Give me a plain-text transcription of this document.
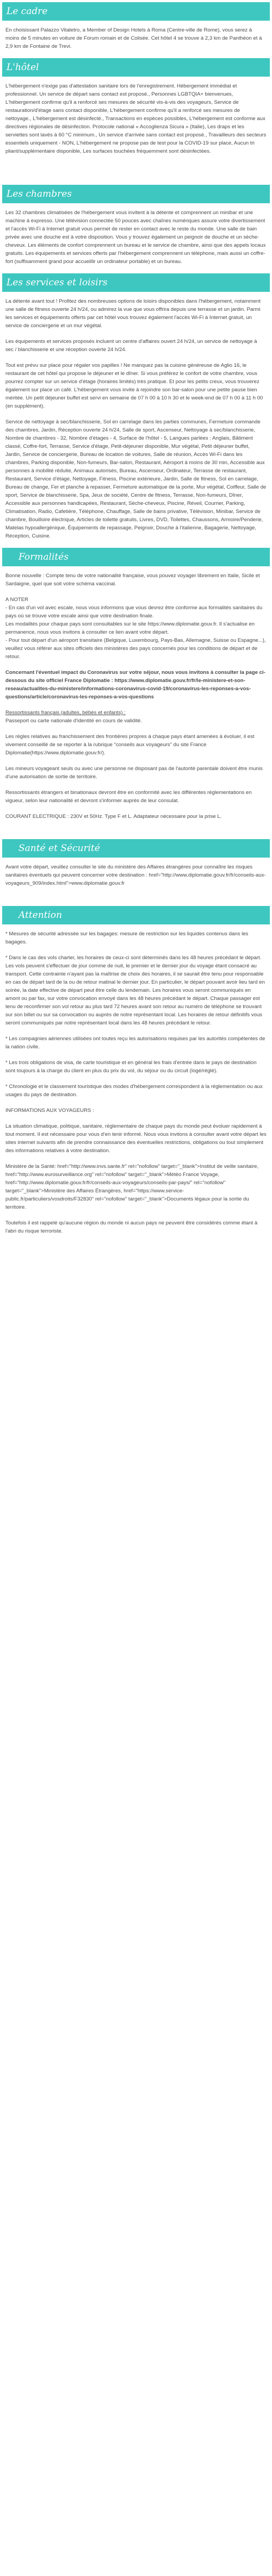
Le cadre

En choisissant Palazzo Vitaletro, a Member of Design Hotels à Roma (Centre-ville de Rome), vous serez à moins de 5 minutes en voiture de Forum romain et de Colisée. Cet hôtel 4 se trouve à 2,3 km de Panthéon et à 2,9 km de Fontaine de Trevi.

L'hôtel

L'hébergement n'exige pas d'attestation sanitaire lors de l'enregistrement. Hébergement immédiat et professionnel. Un service de départ sans contact est proposé., Personnes LGBTQIA+ bienvenues, L'hébergement confirme qu'il a renforcé ses mesures de sécurité vis-à-vis des voyageurs, Service de restauration/d'étage sans contact disponible, L'hébergement confirme qu'il a renforcé ses mesures de nettoyage., L'hébergement est désinfecté., Transactions en espèces possibles, L'hébergement est conforme aux directives régionales de désinfection. Protocole national « Accoglienza Sicura » (Italie), Les draps et les serviettes sont lavés à 60 °C minimum., Un service d'arrivée sans contact est proposé., Travailleurs des secteurs essentiels uniquement - NON, L'hébergement ne propose pas de test pour la COVID-19 sur place, Aucun tri pliant/supplémentaire disponible, Les surfaces touchées fréquemment sont désinfectées.

Les chambres

Les 32 chambres climatisées de l'hébergement vous invitent à la détente et comprennent un minibar et une machine à expresso. Une télévision connectée 50 pouces avec chaînes numériques assure votre divertissement et l'accès Wi-Fi à Internet gratuit vous permet de rester en contact avec le reste du monde. Une salle de bain privée avec une douche est à votre disposition. Vous y trouvez également un peignoir de douche et un sèche-cheveux. Les éléments de confort comprennent un bureau et le service de chambre, ainsi que des appels locaux gratuits. Les équipements et services offerts par l'hébergement comprennent un téléphone, mais aussi un coffre-fort (suffisamment grand pour accueillir un ordinateur portable) et un bureau.

Les services et loisirs

La détente avant tout ! Profitez des nombreuses options de loisirs disponibles dans l'hébergement, notamment une salle de fitness ouverte 24 h/24, ou admirez la vue que vous offrira depuis une terrasse et un jardin. Parmi les services et équipements offerts par cet hôtel vous trouvez également l'accès Wi-Fi à Internet gratuit, un service de conciergerie et un mur végétal.

Les équipements et services proposés incluent un centre d'affaires ouvert 24 h/24, un service de nettoyage à sec / blanchisserie et une réception ouverte 24 h/24.

Tout est prévu sur place pour régaler vos papilles ! Ne manquez pas la cuisine généreuse de Aglio 16, le restaurant de cet hôtel qui propose le déjeuner et le dîner. Si vous préférez le confort de votre chambre, vous pourrez compter sur un service d'étage (horaires limités) très pratique. Et pour les petits creux, vous trouverez également sur place un café. L'hébergement vous invite à rejoindre son bar-salon pour une petite pause bien méritée. Un petit déjeuner buffet est servi en semaine de 07 h 00 à 10 h 30 et le week-end de 07 h 00 à 11 h 00 (en supplément).

Service de nettoyage à sec/blanchisserie, Sol en carrelage dans les parties communes, Fermeture commande des chambres, Jardin, Réception ouverte 24 h/24, Salle de sport, Ascenseur, Nettoyage à sec/blanchisserie, Nombre de chambres - 32, Nombre d'étages - 4, Surface de l'hôtel - 5, Langues parlées : Anglais, Bâtiment classé, Coffre-fort, Terrasse, Service d'étage, Petit-déjeuner disponible, Mur végétal, Petit déjeuner buffet, Jardin, Service de conciergerie, Bureau de location de voitures, Salle de réunion, Accès Wi-Fi dans les chambres, Parking disponible, Non-fumeurs, Bar-salon, Restaurant, Aéroport à moins de 30 min, Accessible aux personnes à mobilité réduite, Animaux autorisés, Bureau, Ascenseur, Ordinateur, Terrasse de restaurant, Restaurant, Service d'étage, Nettoyage, Fitness, Piscine extérieure, Jardin, Salle de fitness, Sol en carrelage, Bureau de change, Fer et planche à repasser, Fermeture automatique de la porte, Mur végétal, Coiffeur, Salle de sport, Service de blanchisserie, Spa, Jeux de société, Centre de fitness, Terrasse, Non-fumeurs, Dîner, Accessible aux personnes handicapées, Restaurant, Sèche-cheveux, Piscine, Réveil, Courrier, Parking, Climatisation, Radio, Cafetière, Téléphone, Chauffage, Salle de bains privative, Télévision, Minibar, Service de chambre, Bouilloire électrique, Articles de toilette gratuits, Livres, DVD, Toilettes, Chaussons, Armoire/Penderie, Matelas hypoallergénique, Équipements de repassage, Peignoir, Douche à l'italienne, Bagagerie, Nettoyage, Réception, Cuisine.

Formalités

Bonne nouvelle : Compte tenu de votre nationalité française, vous pouvez voyager librement en Italie, Sicile et Sardaigne, quel que soit votre schéma vaccinal.

A NOTER

- En cas d'un vol avec escale, nous vous informons que vous devrez être conforme aux formalités sanitaires du pays où se trouve votre escale ainsi que votre destination finale.

Les modalités pour chaque pays sont consultables sur le site https://www.diplomatie.gouv.fr. Il s'actualise en permanence, nous vous invitons à consulter ce lien avant votre départ.

- Pour tout départ d'un aéroport transitaire (Belgique, Luxembourg, Pays-Bas, Allemagne, Suisse ou Espagne...), veuillez vous référer aux sites officiels des ministères des pays concernés pour les conditions de départ et de retour.

Concernant l'éventuel impact du Coronavirus sur votre séjour, nous vous invitons à consulter la page ci-dessous du site officiel France Diplomatie : https://www.diplomatie.gouv.fr/fr/le-ministere-et-son-reseau/actualites-du-ministere/informations-coronavirus-covid-19/coronavirus-les-reponses-a-vos-questions/article/coronavirus-les-reponses-a-vos-questions

Ressortissants français (adultes, bébés et enfants) :

Passeport ou carte nationale d'identité en cours de validité.

Les règles relatives au franchissement des frontières propres à chaque pays étant amenées à évoluer, il est vivement conseillé de se reporter à la rubrique "conseils aux voyageurs" du site France Diplomatie(https://www.diplomatie.gouv.fr/).

Les mineurs voyageant seuls ou avec une personne ne disposant pas de l'autorité parentale doivent être munis d'une autorisation de sortie de territoire.

Ressortissants étrangers et binationaux devront être en conformité avec les différentes réglementations en vigueur, selon leur nationalité et devront s'informer auprès de leur consulat.

COURANT ELECTRIQUE : 230V et 50Hz. Type F et L. Adaptateur nécessaire pour la prise L.

Santé et Sécurité

Avant votre départ, veuillez consulter le site du ministère des Affaires étrangères pour connaître les risques sanitaires éventuels qui peuvent concerner votre destination : href="http://www.diplomatie.gouv.fr/fr/conseils-aux-voyageurs_909/index.html">www.diplomatie.gouv.fr

Attention

* Mesures de sécurité adressée sur les bagages: mesure de restriction sur les liquides contenus dans les bagages.

* Dans le cas des vols charter, les horaires de ceux-ci sont déterminés dans les 48 heures précédant le départ. Les vols peuvent s'effectuer de jour comme de nuit, le premier et le dernier jour du voyage étant consacré au transport. Cette contrainte n'ayant pas la maîtrise de choix des horaires, il se saurait être tenu pour responsable en cas de départ tard de la ou de retour matinal le dernier jour. En particulier, le départ pouvant avoir lieu tard en soirée, la date effective de départ peut être celle du lendemain. Les horaires vous seront communiqués en amont ou par fax, sur votre convocation envoyé dans les 48 heures précédant le départ. Chaque passager est tenu de reconfirmer son vol retour au plus tard 72 heures avant son retour au numéro de téléphone se trouvant sur son billet ou sur sa convocation ou auprès de notre représentant local. Les horaires de retour définitifs vous seront communiqués par notre représentant local dans les 48 heures précédant le retour.

* Les compagnies aériennes utilisées ont toutes reçu les autorisations requises par les autorités compétentes de la nation civile.

* Les trois obligations de visa, de carte touristique et en général les frais d'entrée dans le pays de destination sont toujours à la charge du client en plus du prix du vol, du séjour ou du circuit (logé/réglé).

* Chronologie et le classement touristique des modes d'hébergement correspondent à la réglementation ou aux usages du pays de destination.

INFORMATIONS AUX VOYAGEURS :

La situation climatique, politique, sanitaire, réglementaire de chaque pays du monde peut évoluer rapidement à tout moment. Il est nécessaire pour vous d'en tenir informé. Nous vous invitons à consulter avant votre départ les sites internet suivants afin de prendre connaissance des éventuelles restrictions, obligations ou tout simplement des informations relatives à votre destination.

Ministère de la Santé: href="http://www.invs.sante.fr" rel="nofollow" target="_blank">Institut de veille sanitaire, href="http://www.eurosurveillance.org" rel="nofollow" target="_blank">Météo France Voyage, href="http://www.diplomatie.gouv.fr/fr/conseils-aux-voyageurs/conseils-par-pays/" rel="nofollow" target="_blank">Ministère des Affaires Étrangères, href="https://www.service-public.fr/particuliers/vosdroits/F32830" rel="nofollow" target="_blank">Documents légaux pour la sortie du territoire.

Toutefois il est rappelé qu'aucune région du monde ni aucun pays ne peuvent être considérés comme étant à l'abri du risque terroriste.
